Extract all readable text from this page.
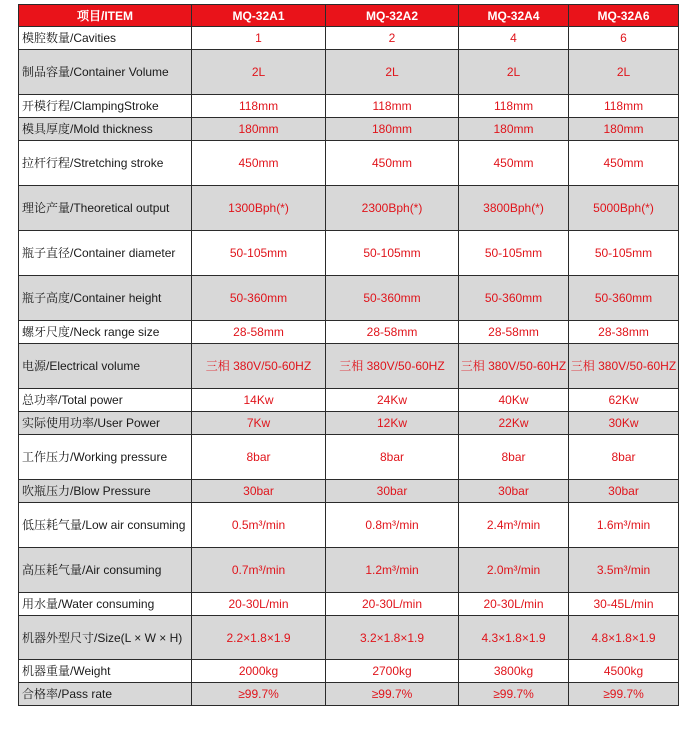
项目/ITEM	MQ-32A1	MQ-32A2	MQ-32A4	MQ-32A6
模腔数量/Cavities	1	2	4	6
制品容量/Container Volume	2L	2L	2L	2L
开模行程/ClampingStroke	118mm	118mm	118mm	118mm
模具厚度/Mold thickness	180mm	180mm	180mm	180mm
拉杆行程/Stretching stroke	450mm	450mm	450mm	450mm
理论产量/Theoretical output	1300Bph(*)	2300Bph(*)	3800Bph(*)	5000Bph(*)
瓶子直径/Container diameter	50-105mm	50-105mm	50-105mm	50-105mm
瓶子高度/Container height	50-360mm	50-360mm	50-360mm	50-360mm
螺牙尺度/Neck range size	28-58mm	28-58mm	28-58mm	28-38mm
电源/Electrical volume	三相 380V/50-60HZ	三相 380V/50-60HZ	三相 380V/50-60HZ	三相 380V/50-60HZ
总功率/Total power	14Kw	24Kw	40Kw	62Kw
实际使用功率/User Power	7Kw	12Kw	22Kw	30Kw
工作压力/Working pressure	8bar	8bar	8bar	8bar
吹瓶压力/Blow Pressure	30bar	30bar	30bar	30bar
低压耗气量/Low air consuming	0.5m³/min	0.8m³/min	2.4m³/min	1.6m³/min
高压耗气量/Air consuming	0.7m³/min	1.2m³/min	2.0m³/min	3.5m³/min
用水量/Water consuming	20-30L/min	20-30L/min	20-30L/min	30-45L/min
机器外型尺寸/Size(L × W × H)	2.2×1.8×1.9	3.2×1.8×1.9	4.3×1.8×1.9	4.8×1.8×1.9
机器重量/Weight	2000kg	2700kg	3800kg	4500kg
合格率/Pass rate	≥99.7%	≥99.7%	≥99.7%	≥99.7%
